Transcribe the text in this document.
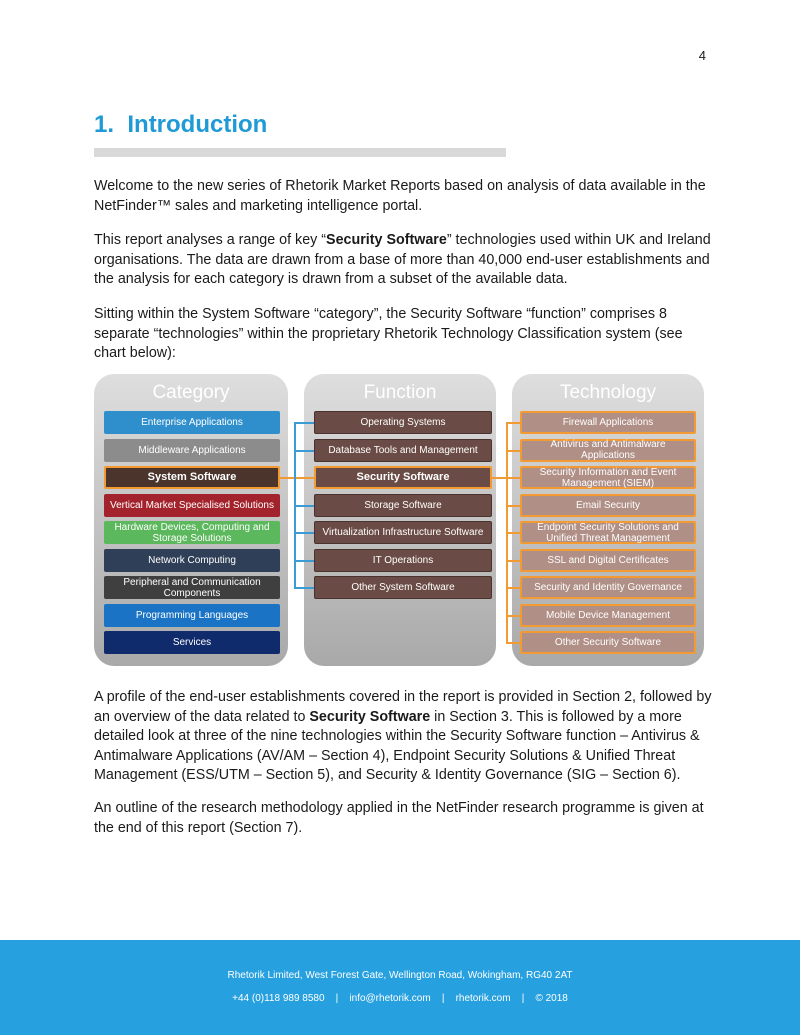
4
1. Introduction

Welcome to the new series of Rhetorik Market Reports based on analysis of data available in the NetFinder™ sales and marketing intelligence portal.

This report analyses a range of key “Security Software” technologies used within UK and Ireland organisations. The data are drawn from a base of more than 40,000 end-user establishments and the analysis for each category is drawn from a subset of the available data.

Sitting within the System Software “category”, the Security Software “function” comprises 8 separate “technologies” within the proprietary Rhetorik Technology Classification system (see chart below):

Category
Enterprise Applications
Middleware Applications
System Software
Vertical Market Specialised Solutions
Hardware Devices, Computing and Storage Solutions
Network Computing
Peripheral and Communication Components
Programming Languages
Services
Function
Operating Systems
Database Tools and Management
Security Software
Storage Software
Virtualization Infrastructure Software
IT Operations
Other System Software
Technology
Firewall Applications
Antivirus and Antimalware Applications
Security Information and Event Management (SIEM)
Email Security
Endpoint Security Solutions and Unified Threat Management
SSL and Digital Certificates
Security and Identity Governance
Mobile Device Management
Other Security Software

A profile of the end-user establishments covered in the report is provided in Section 2, followed by an overview of the data related to Security Software in Section 3. This is followed by a more detailed look at three of the nine technologies within the Security Software function – Antivirus & Antimalware Applications (AV/AM – Section 4), Endpoint Security Solutions & Unified Threat Management (ESS/UTM – Section 5), and Security & Identity Governance (SIG – Section 6).

An outline of the research methodology applied in the NetFinder research programme is given at the end of this report (Section 7).

Rhetorik Limited, West Forest Gate, Wellington Road, Wokingham, RG40 2AT
+44 (0)118 989 8580 | info@rhetorik.com | rhetorik.com | © 2018
